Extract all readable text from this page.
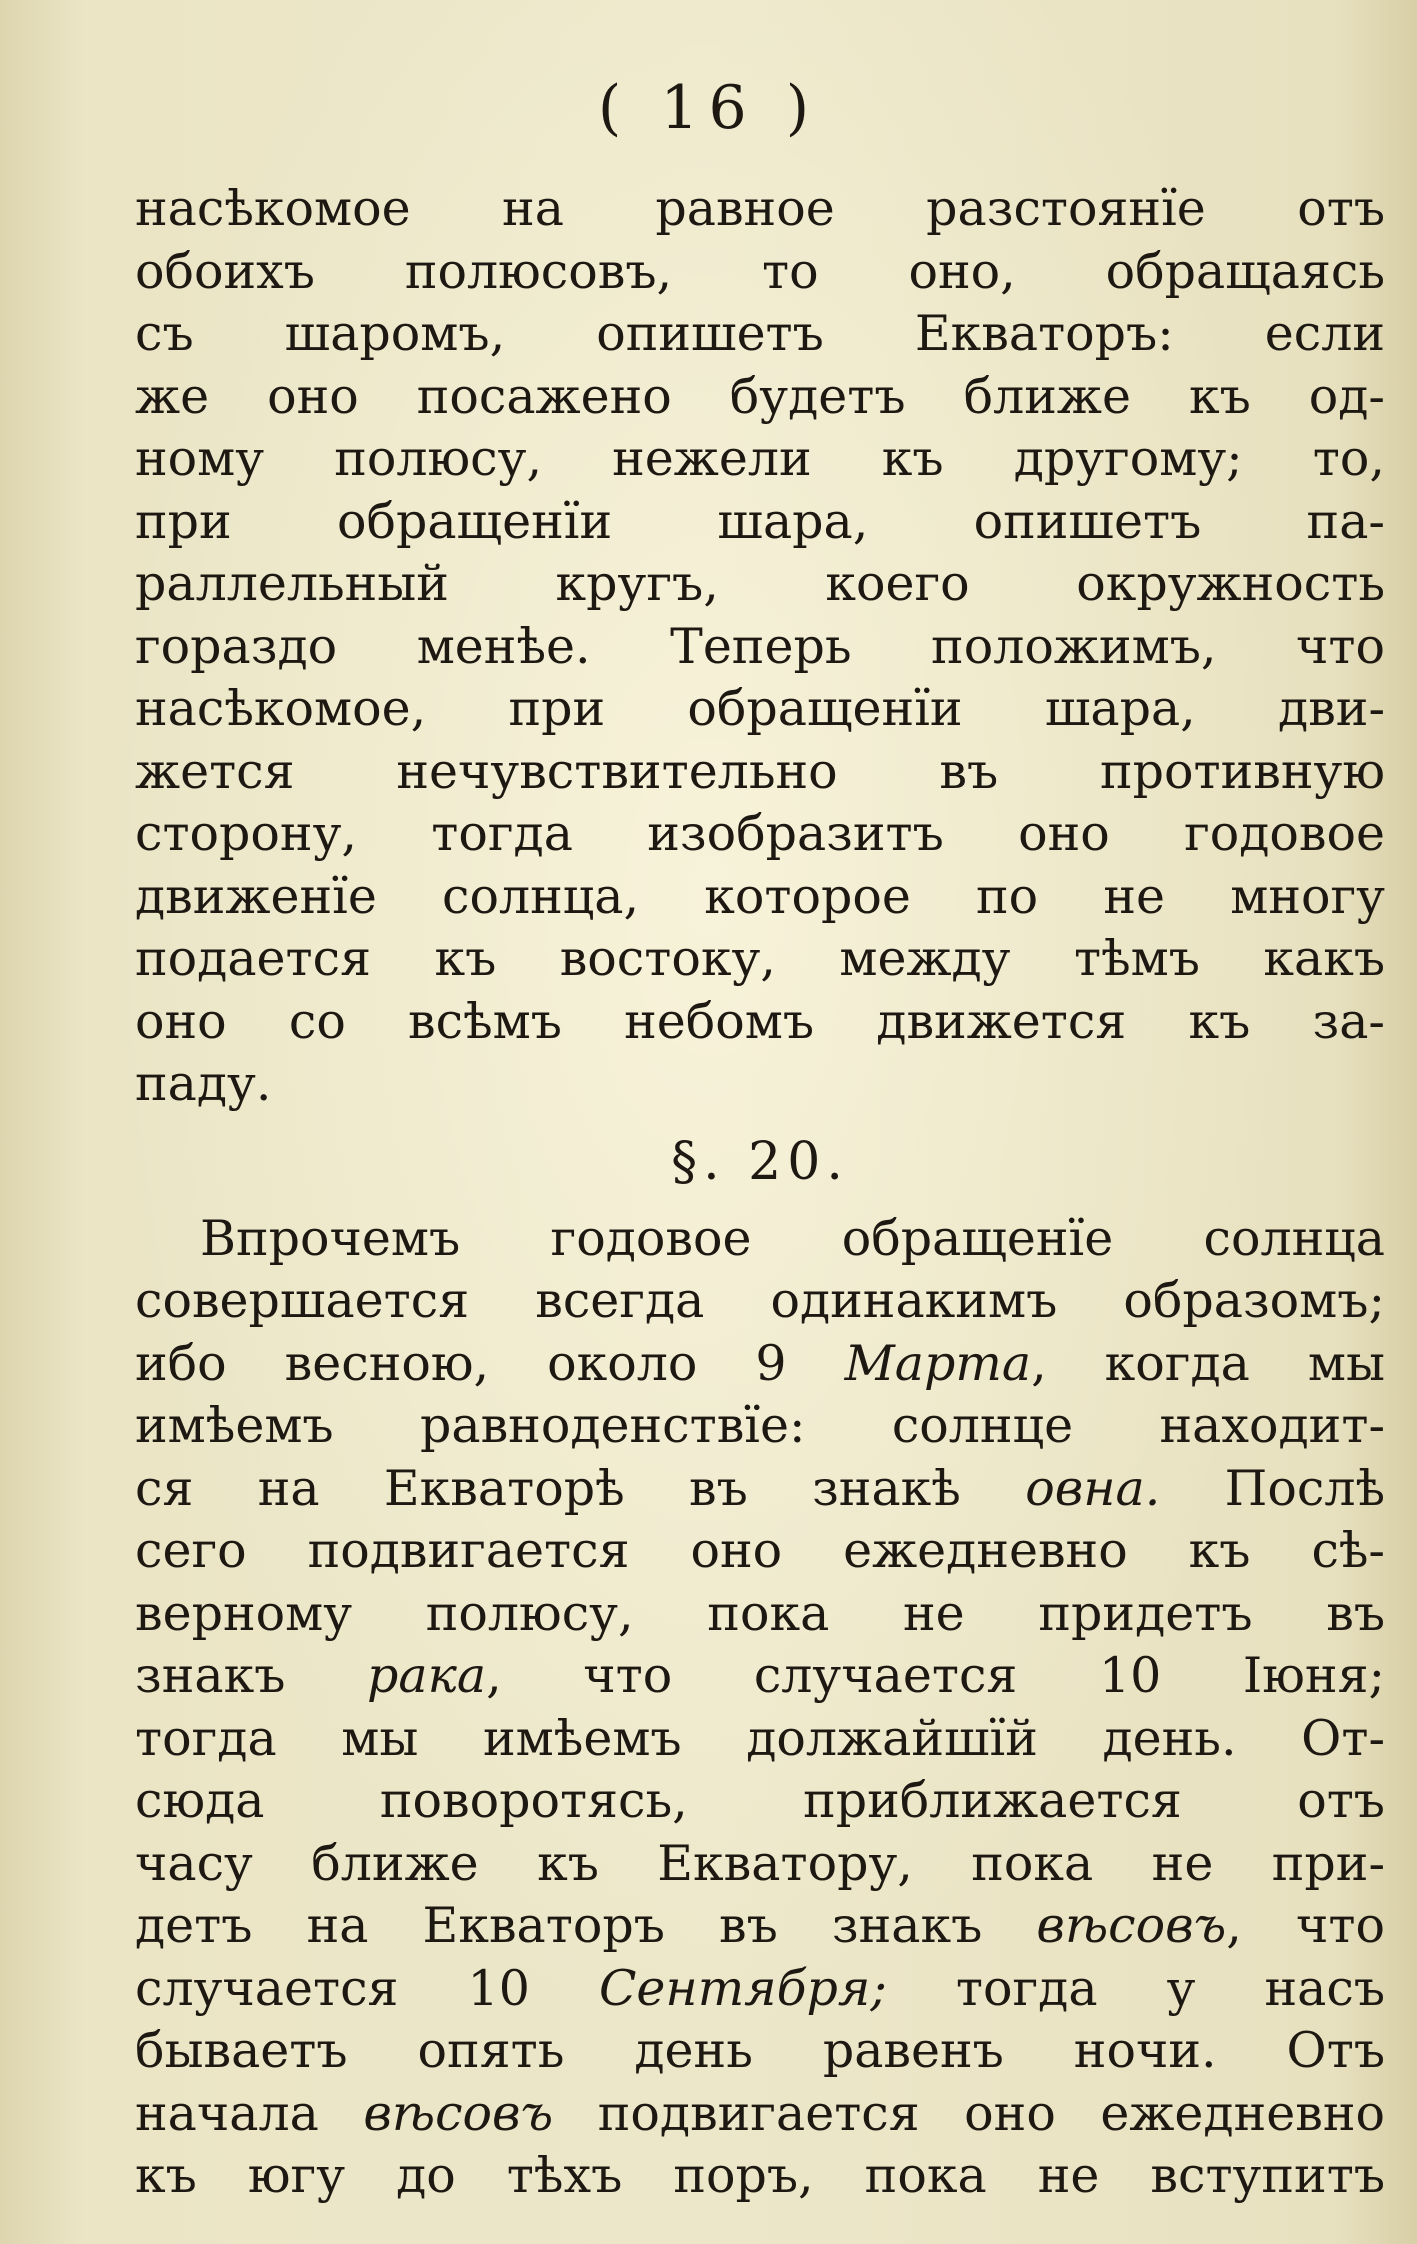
( 16 )
насѣкомое на равное разстоянїе отъ
обоихъ полюсовъ, то оно, обращаясь
съ шаромъ, опишетъ Екваторъ: если
же оно посажено будетъ ближе къ од-
ному полюсу, нежели къ другому; то,
при обращенїи шара, опишетъ па-
раллельный кругъ, коего окружность
гораздо менѣе. Теперь положимъ, что
насѣкомое, при обращенїи шара, дви-
жется нечувствительно въ противную
сторону, тогда изобразитъ оно годовое
движенїе солнца, которое по не многу
подается къ востоку, между тѣмъ какъ
оно со всѣмъ небомъ движется къ за-
паду.
§. 20.
Впрочемъ годовое обращенїе солнца
совершается всегда одинакимъ образомъ;
ибо весною, около 9 Марта, когда мы
имѣемъ равноденствїе: солнце находит-
ся на Екваторѣ въ знакѣ овна. Послѣ
сего подвигается оно ежедневно къ сѣ-
верному полюсу, пока не придетъ въ
знакъ рака, что случается 10 Iюня;
тогда мы имѣемъ должайшїй день. От-
сюда поворотясь, приближается отъ
часу ближе къ Екватору, пока не при-
детъ на Екваторъ въ знакъ вѣсовъ, что
случается 10 Сентября; тогда у насъ
бываетъ опять день равенъ ночи. Отъ
начала вѣсовъ подвигается оно ежедневно
къ югу до тѣхъ поръ, пока не вступитъ
